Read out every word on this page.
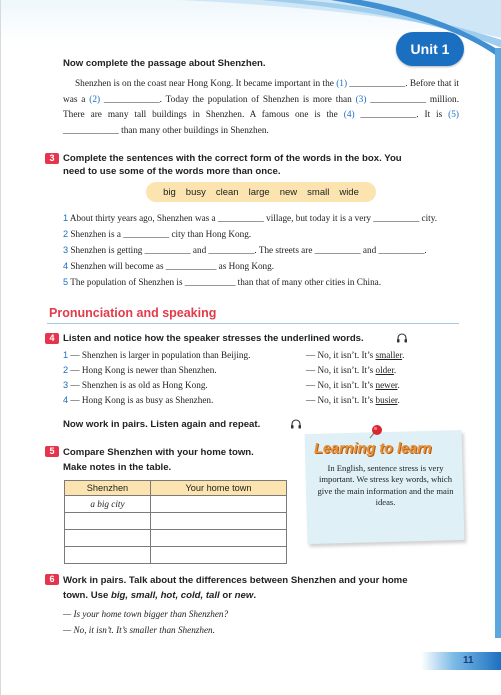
Unit 1
Now complete the passage about Shenzhen.
Shenzhen is on the coast near Hong Kong. It became important in the (1) ____________. Before that it was a (2) ____________. Today the population of Shenzhen is more than (3) ____________ million. There are many tall buildings in Shenzhen. A famous one is the (4) ____________. It is (5) ____________ than many other buildings in Shenzhen.
3 Complete the sentences with the correct form of the words in the box. You
need to use some of the words more than once.
big busy clean large new small wide
1 About thirty years ago, Shenzhen was a __________ village, but today it is a very __________ city.
2 Shenzhen is a __________ city than Hong Kong.
3 Shenzhen is getting __________ and __________. The streets are __________ and __________.
4 Shenzhen will become as ___________ as Hong Kong.
5 The population of Shenzhen is ___________ than that of many other cities in China.
Pronunciation and speaking
4 Listen and notice how the speaker stresses the underlined words.
1 — Shenzhen is larger in population than Beijing.	— No, it isn’t. It’s smaller.
2 — Hong Kong is newer than Shenzhen.	— No, it isn’t. It’s older.
3 — Shenzhen is as old as Hong Kong.	— No, it isn’t. It’s newer.
4 — Hong Kong is as busy as Shenzhen.	— No, it isn’t. It’s busier.
Now work in pairs. Listen again and repeat.
5 Compare Shenzhen with your home town.
Make notes in the table.
Shenzhen	Your home town
a big city	

Learning to learn
In English, sentence stress is very important. We stress key words, which give the main information and the main ideas.
6 Work in pairs. Talk about the differences between Shenzhen and your home
town. Use big, small, hot, cold, tall or new.
— Is your home town bigger than Shenzhen?
— No, it isn’t. It’s smaller than Shenzhen.
11
